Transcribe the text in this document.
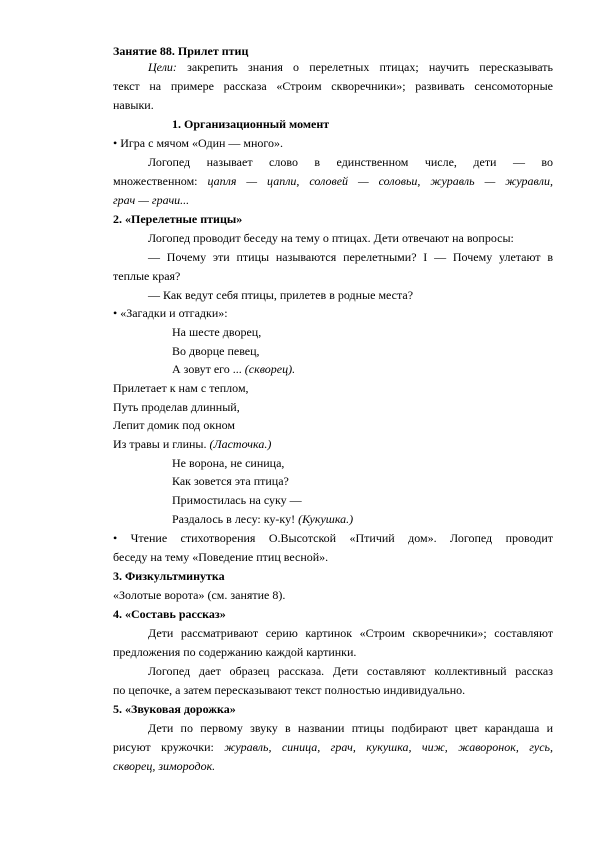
Занятие 88. Прилет птиц
Цели: закрепить знания о перелетных птицах; научить пересказывать
текст на примере рассказа «Строим скворечники»; развивать сенсомоторные
навыки.
1. Организационный момент
• Игра с мячом «Один — много».
Логопед называет слово в единственном числе, дети — во
множественном: цапля — цапли, соловей — соловьи, журавль — журавли,
грач — грачи...
2. «Перелетные птицы»
Логопед проводит беседу на тему о птицах. Дети отвечают на вопросы:
— Почему эти птицы называются перелетными? I — Почему улетают в
теплые края?
— Как ведут себя птицы, прилетев в родные места?
• «Загадки и отгадки»:
На шесте дворец,
Во дворце певец,
А зовут его ... (скворец).
Прилетает к нам с теплом,
Путь проделав длинный,
Лепит домик под окном
Из травы и глины. (Ласточка.)
Не ворона, не синица,
Как зовется эта птица?
Примостилась на суку —
Раздалось в лесу: ку-ку! (Кукушка.)
• Чтение стихотворения О.Высотской «Птичий дом». Логопед проводит
беседу на тему «Поведение птиц весной».
3. Физкультминутка
«Золотые ворота» (см. занятие 8).
4. «Составь рассказ»
Дети рассматривают серию картинок «Строим скворечники»; составляют
предложения по содержанию каждой картинки.
Логопед дает образец рассказа. Дети составляют коллективный рассказ
по цепочке, а затем пересказывают текст полностью индивидуально.
5. «Звуковая дорожка»
Дети по первому звуку в названии птицы подбирают цвет карандаша и
рисуют кружочки: журавль, синица, грач, кукушка, чиж, жаворонок, гусь,
скворец, зимородок.
